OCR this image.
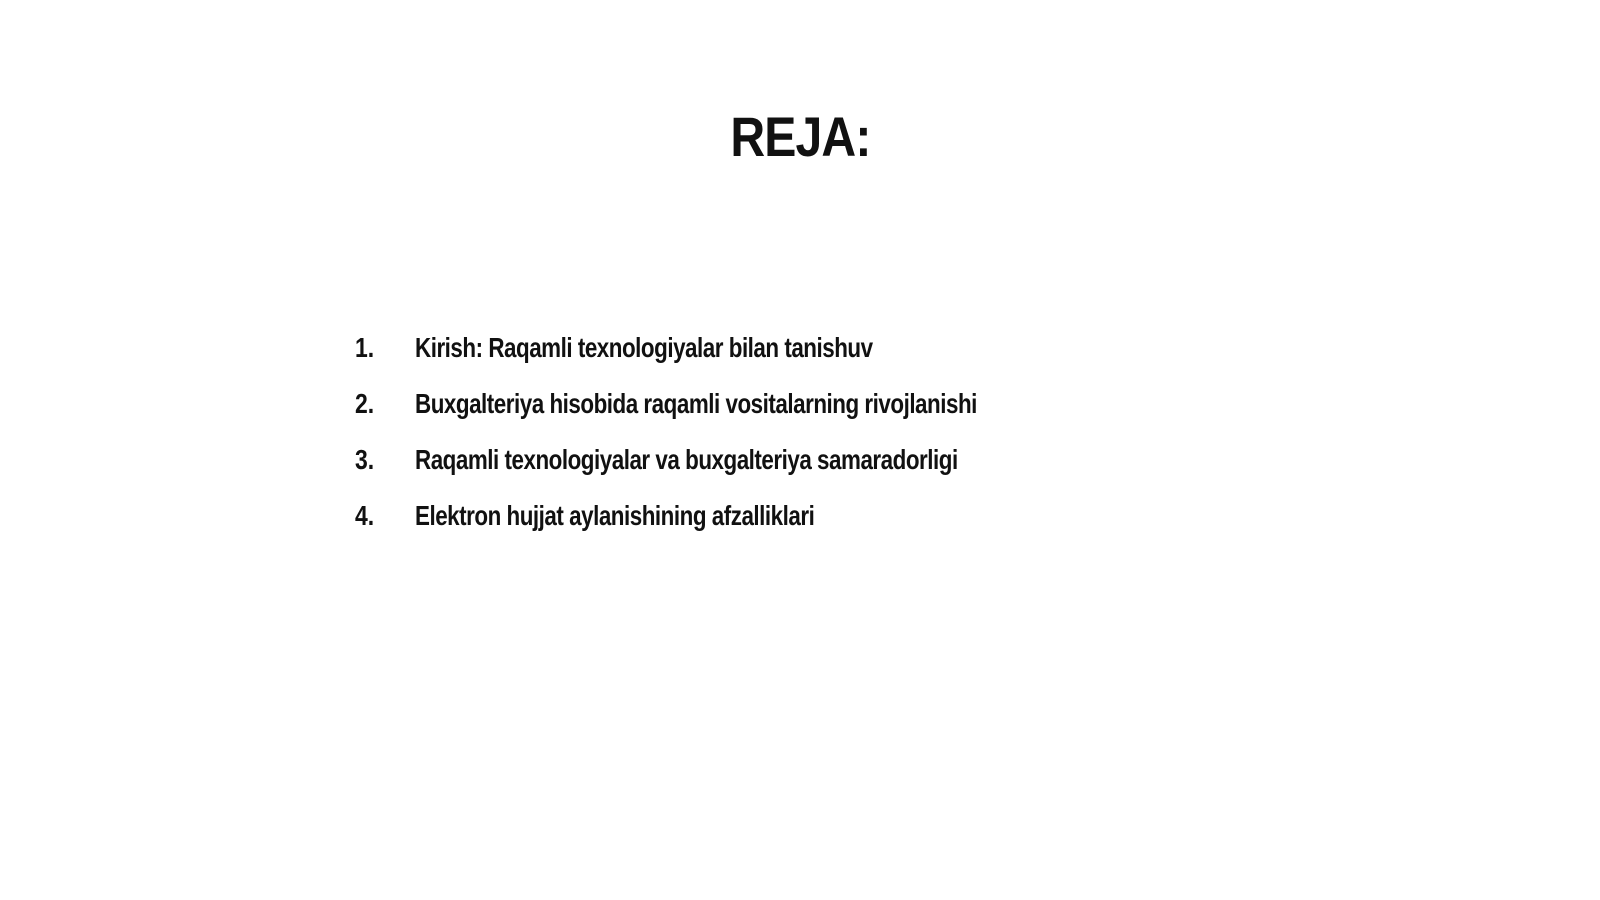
REJA:
1. Kirish: Raqamli texnologiyalar bilan tanishuv
2. Buxgalteriya hisobida raqamli vositalarning rivojlanishi
3. Raqamli texnologiyalar va buxgalteriya samaradorligi
4. Elektron hujjat aylanishining afzalliklari
